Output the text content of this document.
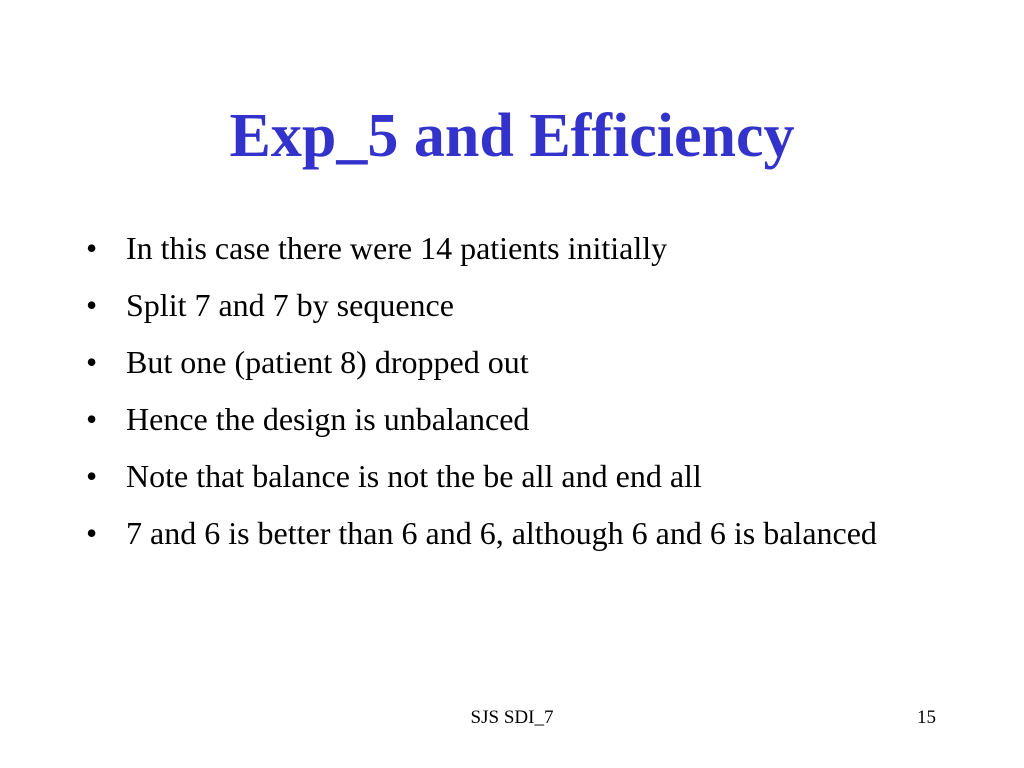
Exp_5 and Efficiency
• In this case there were 14 patients initially
• Split 7 and 7 by sequence
• But one (patient 8) dropped out
• Hence the design is unbalanced
• Note that balance is not the be all and end all
• 7 and 6 is better than 6 and 6, although 6 and 6 is balanced
SJS SDI_7	15
